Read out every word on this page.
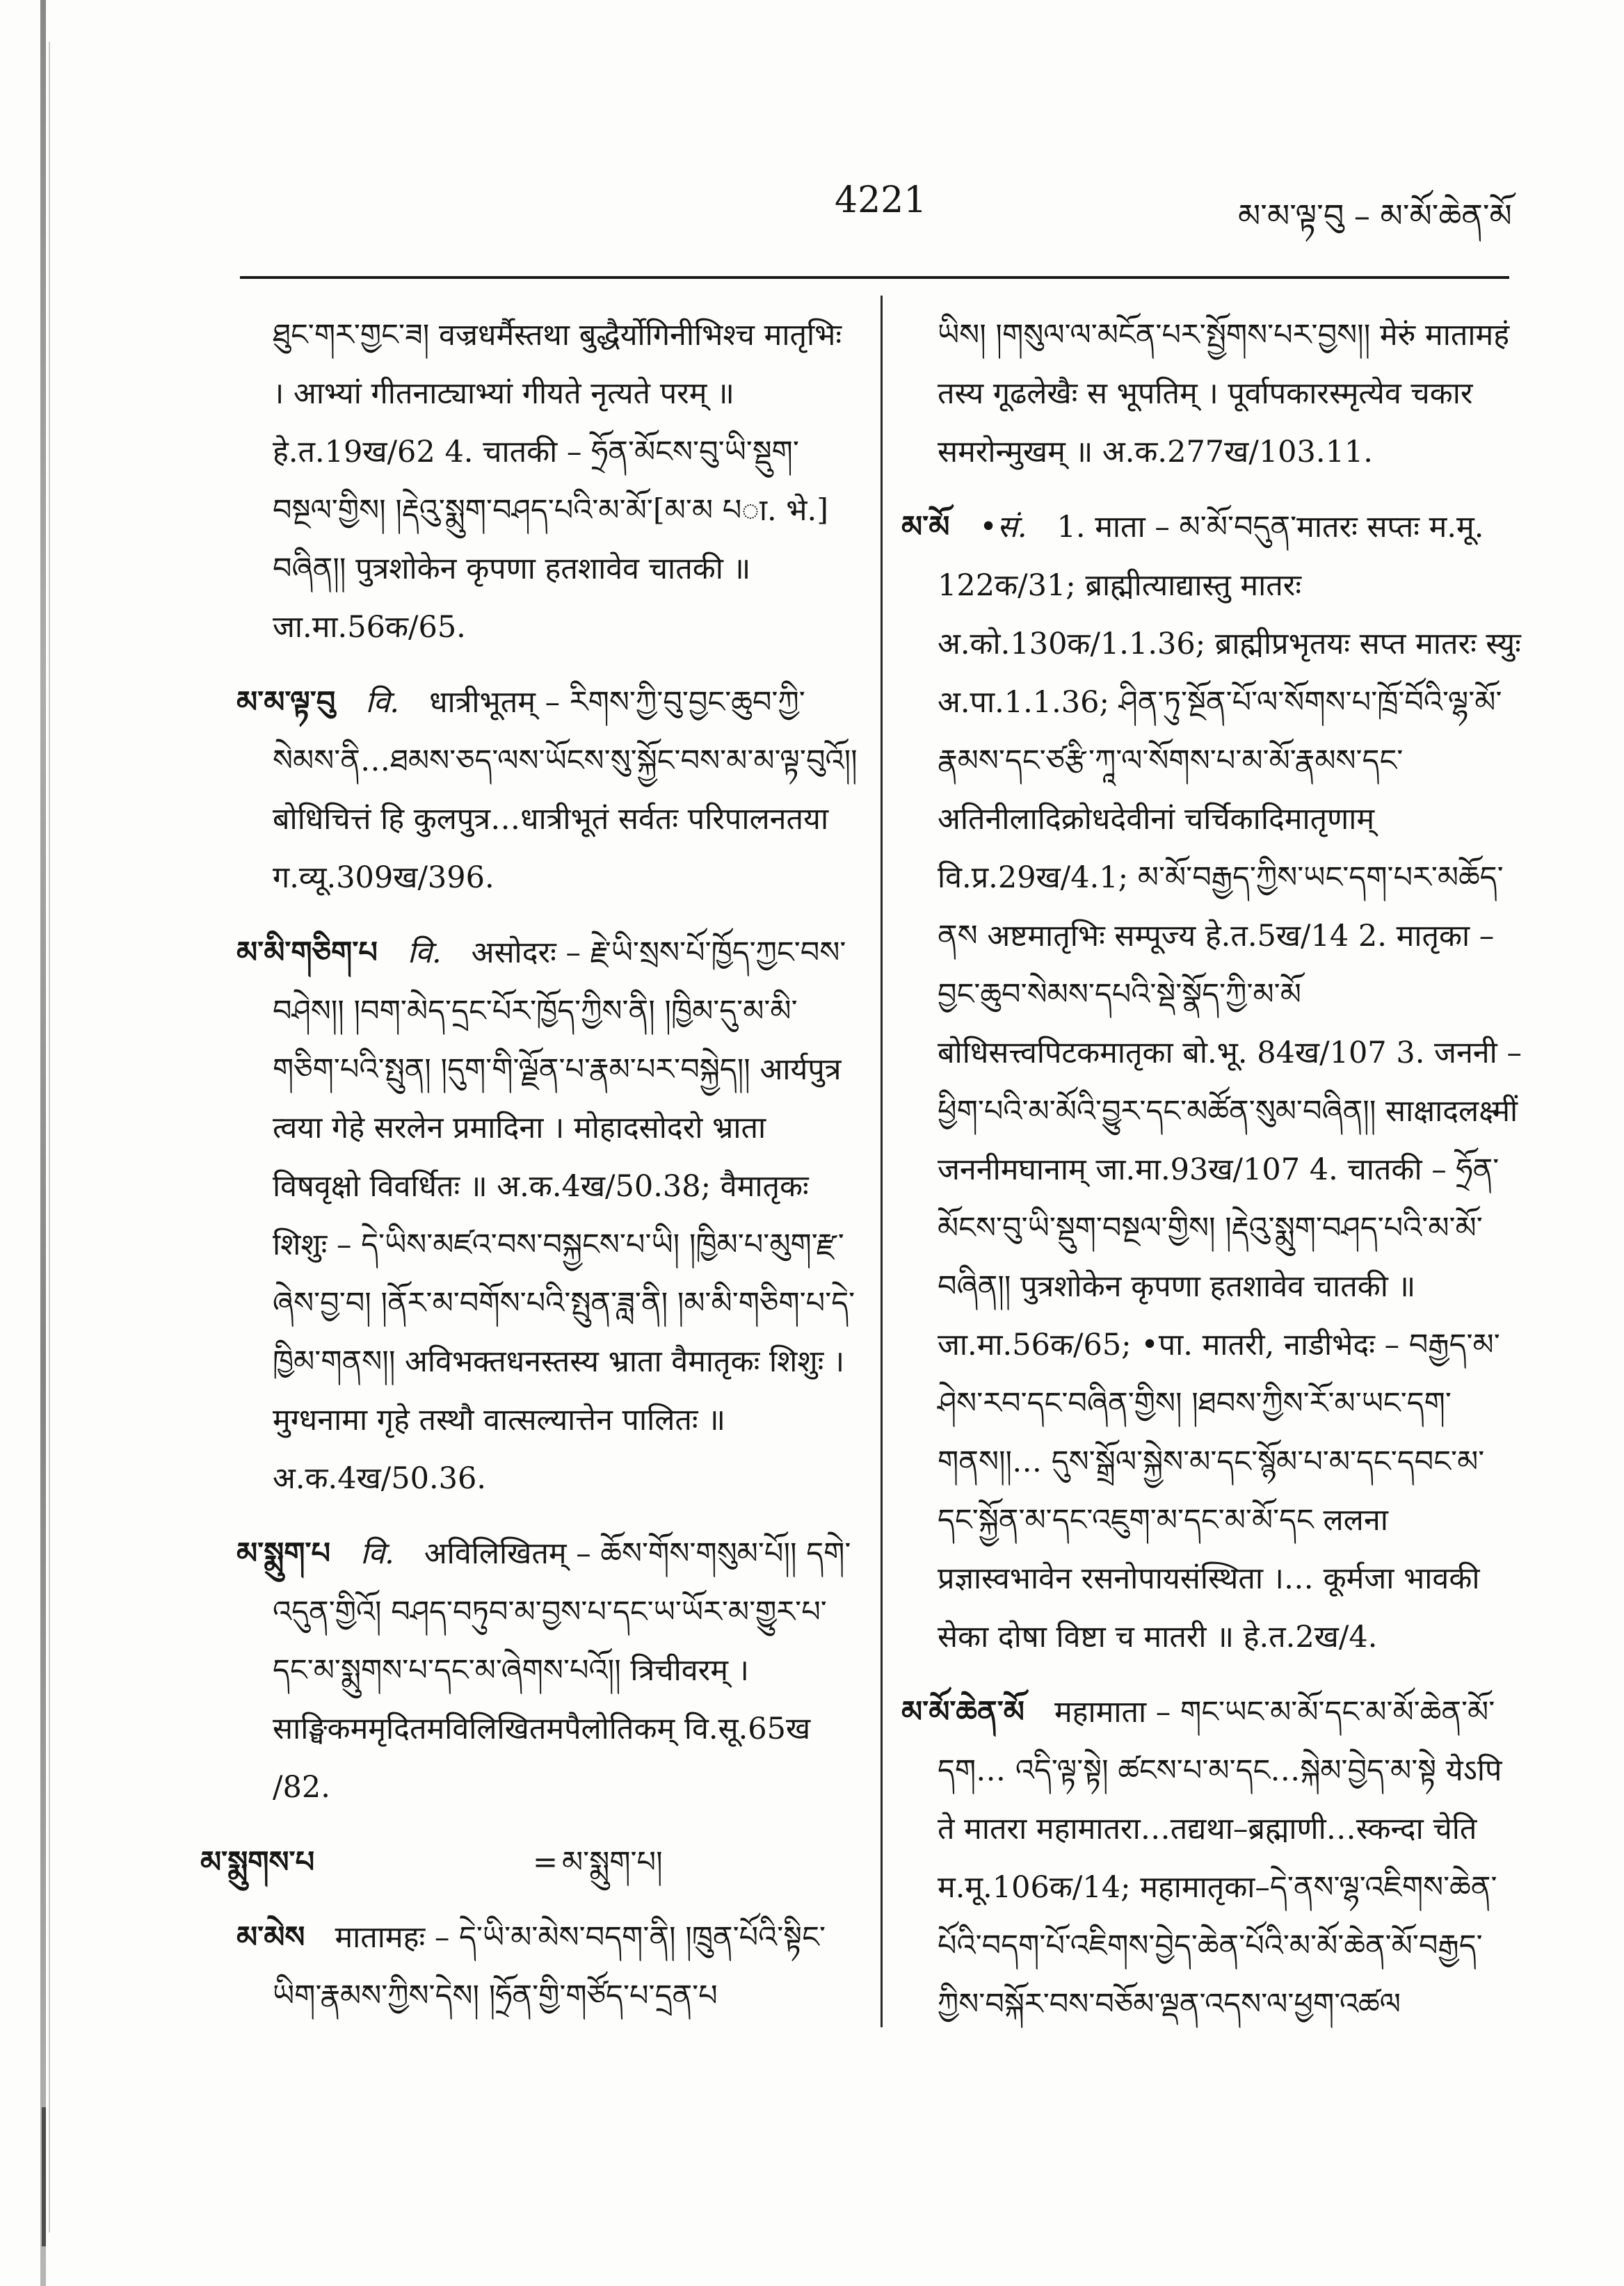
4221	མ་མ་ལྟ་བུ – མ་མོ་ཆེན་མོ
ཐུང་གར་གྱང་ཟ། वज्रधर्मैस्तथा बुद्धैर्योगिनीभिश्च मातृभिः । आभ्यां गीतनाट्याभ्यां गीयते नृत्यते परम् ॥ हे.त.19ख/62 4. चातकी – ཧྲོན་མོངས་བུ་ཡི་སྡུག་བསྔལ་གྱིས། །རྡེའུ་སྨུག་བཤད་པའི་མ་མོ་[མ་མ པा. भे.] བཞིན།། पुत्रशोकेन कृपणा हतशावेव चातकी ॥ जा.मा.56क/65.
མ་མ་ལྟ་བུ  वि.  धात्रीभूतम् – རིགས་ཀྱི་བུ་བྱང་ཆུབ་ཀྱི་སེམས་ནི…ཐམས་ཅད་ལས་ཡོངས་སུ་སྐྱོང་བས་མ་མ་ལྟ་བུའོ།། बोधिचित्तं हि कुलपुत्र…धात्रीभूतं सर्वतः परिपालनतया ग.व्यू.309ख/396.
མ་མི་གཅིག་པ  वि.  असोदरः – རྗེ་ཡི་སྲས་པོ་ཁྱོད་ཀྱང་བས་བཤེས།། །བག་མེད་དྲང་པོར་ཁྱོད་ཀྱིས་ནི། །ཁྱིམ་དུ་མ་མི་གཅིག་པའི་སྤུན། །དུག་གི་ལྗོན་པ་རྣམ་པར་བསྐྱེད།། आर्यपुत्र त्वया गेहे सरलेन प्रमादिना । मोहादसोदरो भ्राता विषवृक्षो विवर्धितः ॥ अ.क.4ख/50.38; वैमातृकः शिशुः – དེ་ཡིས་མཛའ་བས་བསྐྱངས་པ་ཡི། །ཁྱིམ་པ་མུག་རྫ་ཞེས་བྱ་བ། །ནོར་མ་བགོས་པའི་སྤུན་ཟླ་ནི། །མ་མི་གཅིག་པ་དེ་ཁྱིམ་གནས།། अविभक्तधनस्तस्य भ्राता वैमातृकः शिशुः । मुग्धनामा गृहे तस्थौ वात्सल्यात्तेन पालितः ॥ अ.क.4ख/50.36.
མ་སྨུག་པ  वि.  अविलिखितम् – ཆོས་གོས་གསུམ་པོ།། དགེ་འདུན་གྱིའོ། བཤད་བཏུབ་མ་བྱས་པ་དང་ཡ་ཡོར་མ་གྱུར་པ་དང་མ་སྨུགས་པ་དང་མ་ཞེགས་པའོ།། त्रिचीवरम् । साङ्घिकममृदितमविलिखितमपैलोतिकम् वि.सू.65ख /82.
མ་སྨུགས་པ	= མ་སྨུག་པ།
མ་མེས  मातामहः – དེ་ཡི་མ་མེས་བདག་ནི། །ཁྲུན་པོའི་སྟིང་ཡིག་རྣམས་ཀྱིས་དེས། །ཧྲོན་གྱི་གཙོད་པ་དྲན་པ
ཡིས། །གསུལ་ལ་མངོན་པར་སྤྱོགས་པར་བྱས།། मेरुं मातामहं तस्य गूढलेखैः स भूपतिम् । पूर्वापकारस्मृत्येव चकार समरोन्मुखम् ॥ अ.क.277ख/103.11.
མ་མོ  •सं.  1. माता – མ་མོ་བདུན་मातरः सप्तः म.मू. 122क/31; ब्राह्मीत्याद्यास्तु मातरः अ.को.130क/1.1.36; ब्राह्मीप्रभृतयः सप्त मातरः स्युः अ.पा.1.1.36; ཤིན་ཏུ་སྔོན་པོ་ལ་སོགས་པ་ཁྲོ་བོའི་ལྷ་མོ་རྣམས་དང་ཙརྩི་ཀཱ་ལ་སོགས་པ་མ་མོ་རྣམས་དང་ अतिनीलादिक्रोधदेवीनां चर्चिकादिमातृणाम् वि.प्र.29ख/4.1; མ་མོ་བརྒྱད་ཀྱིས་ཡང་དག་པར་མཆོད་ནས अष्टमातृभिः सम्पूज्य हे.त.5ख/14 2. मातृका – བྱང་ཆུབ་སེམས་དཔའི་སྡེ་སྣོད་ཀྱི་མ་མོ बोधिसत्त्वपिटकमातृका बो.भू. 84ख/107 3. जननी – ཕྱིག་པའི་མ་མོའི་བྱུར་དང་མཚོན་སུམ་བཞིན།། साक्षादलक्ष्मीं जननीमघानाम् जा.मा.93ख/107 4. चातकी – ཧྲོན་མོངས་བུ་ཡི་སྡུག་བསྔལ་གྱིས། །རྡེའུ་སྨུག་བཤད་པའི་མ་མོ་བཞིན།། पुत्रशोकेन कृपणा हतशावेव चातकी ॥ जा.मा.56क/65; •पा. मातरी, नाडीभेदः – བརྒྱད་མ་ཤེས་རབ་དང་བཞིན་གྱིས། །ཐབས་ཀྱིས་རོ་མ་ཡང་དག་གནས།།… དུས་སྒྲོལ་སྐྱེས་མ་དང་སྙོམ་པ་མ་དང་དབང་མ་དང་སྐྱོན་མ་དང་འཇུག་མ་དང་མ་མོ་དང ललना प्रज्ञास्वभावेन रसनोपायसंस्थिता ।… कूर्मजा भावकी सेका दोषा विष्टा च मातरी ॥ हे.त.2ख/4.
མ་མོ་ཆེན་མོ  महामाता – གང་ཡང་མ་མོ་དང་མ་མོ་ཆེན་མོ་དག… འདི་ལྟ་སྟེ། ཚངས་པ་མ་དང…སྐེམ་བྱེད་མ་སྟེ येऽपि ते मातरा महामातरा…तद्यथा–ब्रह्माणी…स्कन्दा चेति म.मू.106क/14; महामातृका–དེ་ནས་ལྷ་འཇིགས་ཆེན་པོའི་བདག་པོ་འཇིགས་བྱེད་ཆེན་པོའི་མ་མོ་ཆེན་མོ་བརྒྱད་ཀྱིས་བསྐོར་བས་བཅོམ་ལྡན་འདས་ལ་ཕྱག་འཚལ
